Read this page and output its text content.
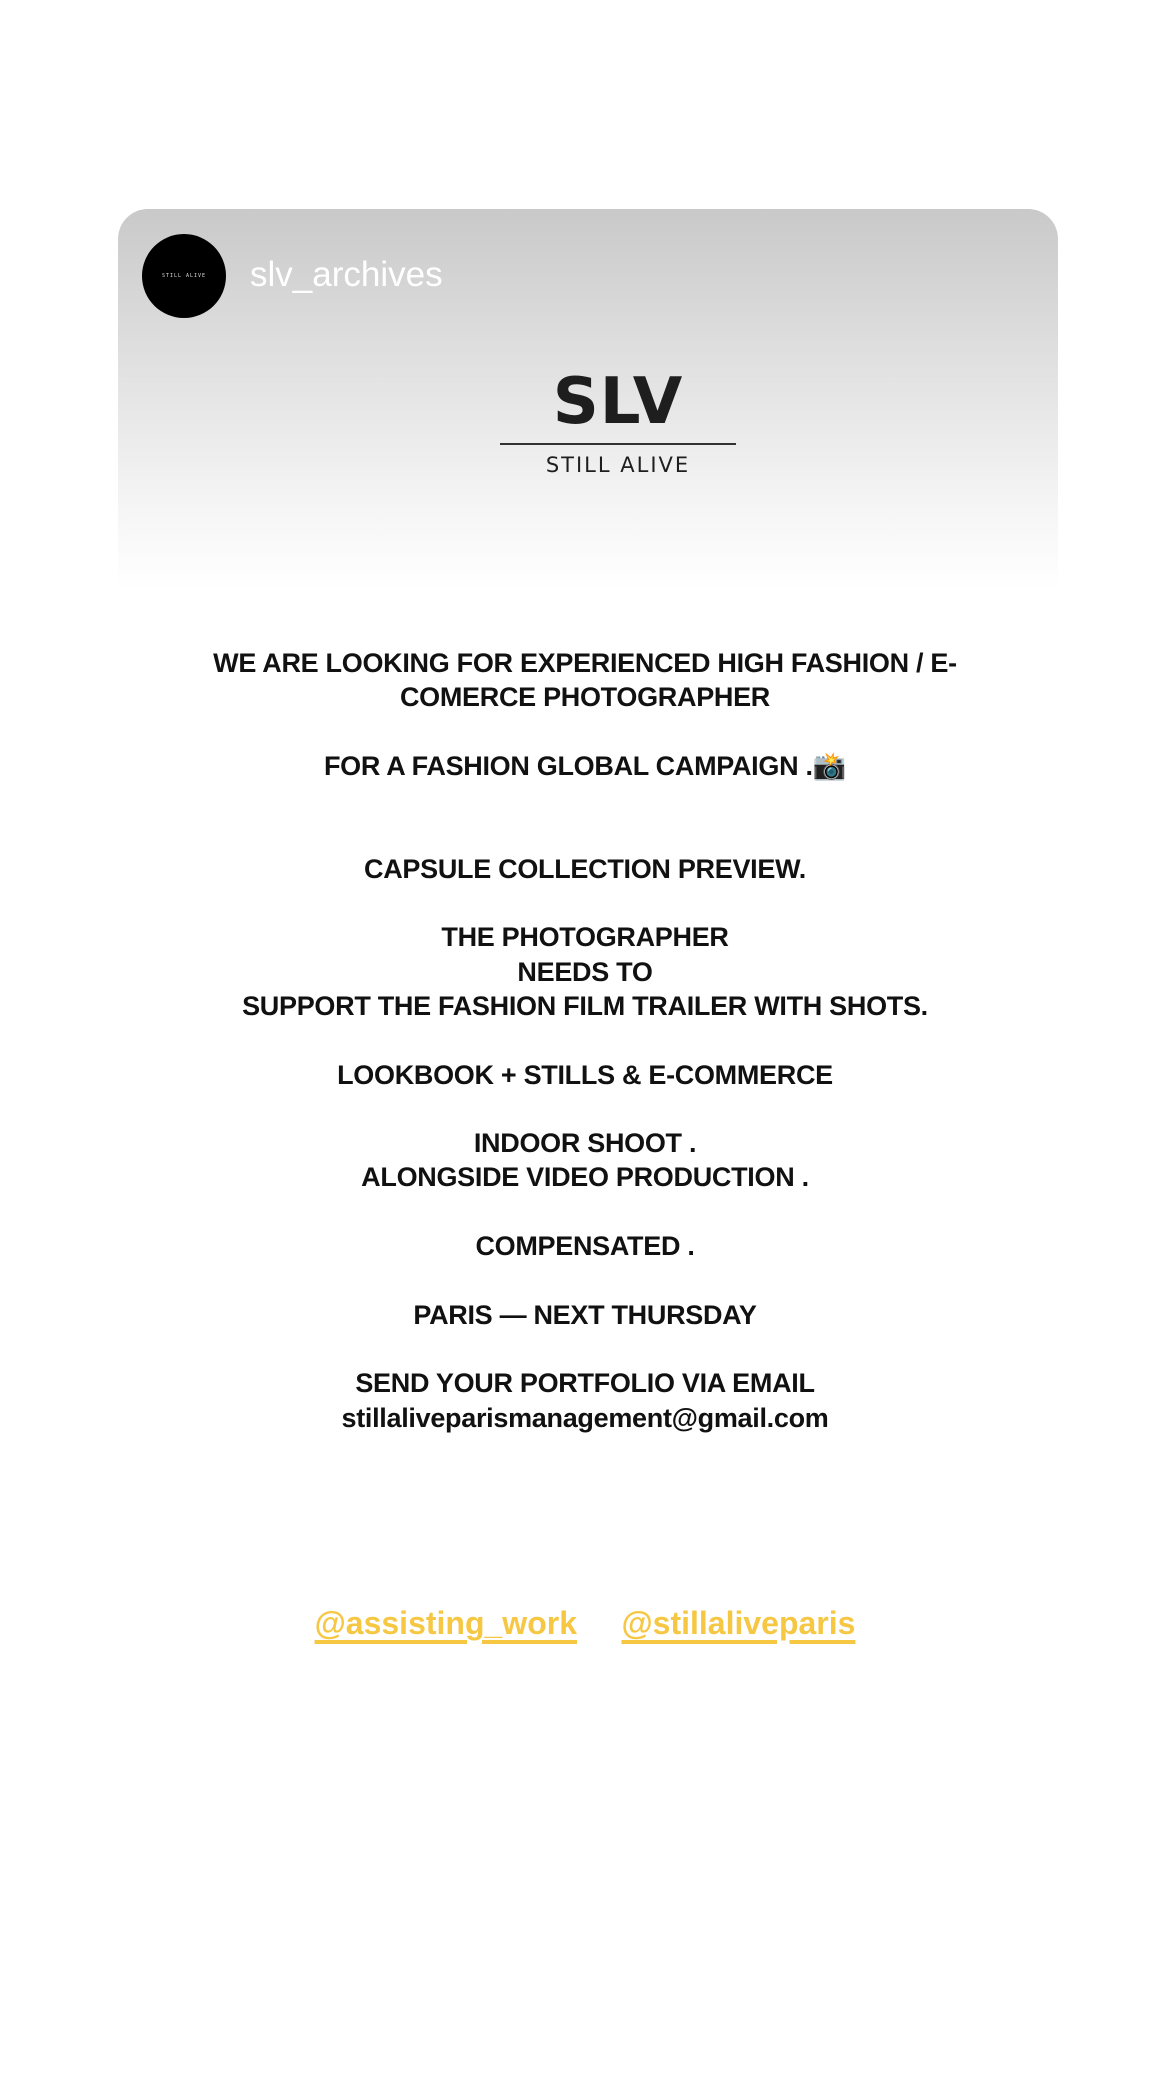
STILL ALIVE slv_archives
SLV
STILL ALIVE
WE ARE LOOKING FOR EXPERIENCED HIGH FASHION / E-
COMERCE PHOTOGRAPHER

FOR A FASHION GLOBAL CAMPAIGN .📸

CAPSULE COLLECTION PREVIEW.

THE PHOTOGRAPHER
NEEDS TO
SUPPORT THE FASHION FILM TRAILER WITH SHOTS.

LOOKBOOK + STILLS & E-COMMERCE

INDOOR SHOOT .
ALONGSIDE VIDEO PRODUCTION .

COMPENSATED .

PARIS — NEXT THURSDAY

SEND YOUR PORTFOLIO VIA EMAIL
stillaliveparismanagement@gmail.com
@assisting_work @stillaliveparis
